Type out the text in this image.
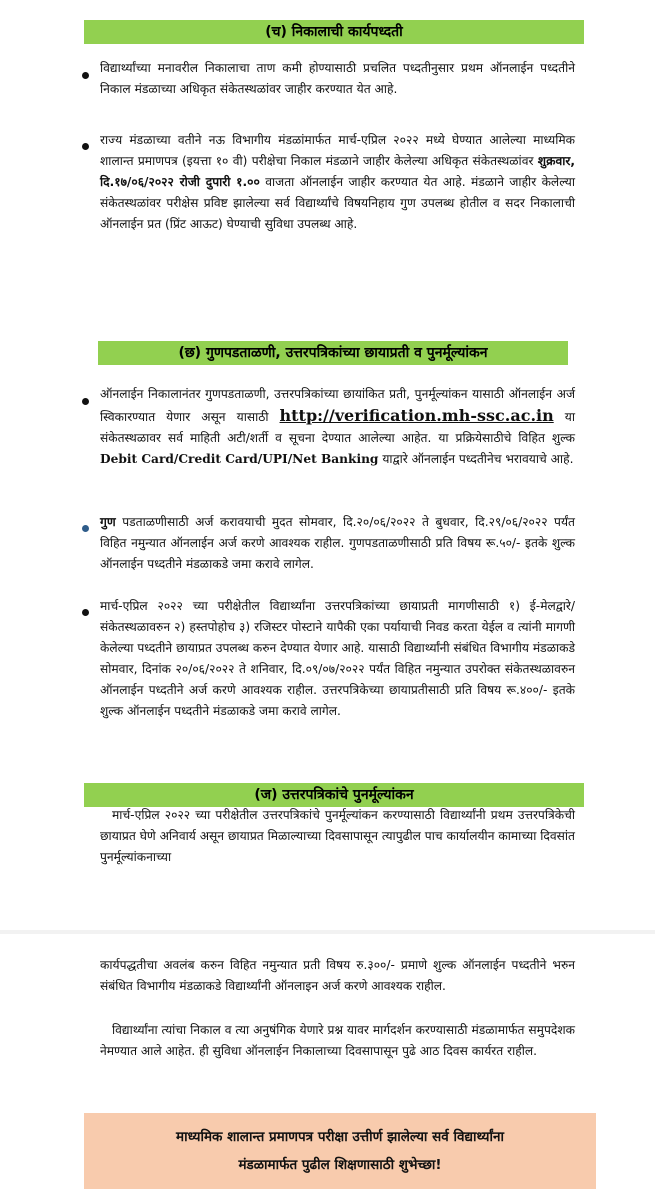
(च) निकालाची कार्यपध्दती
विद्यार्थ्यांच्या मनावरील निकालाचा ताण कमी होण्यासाठी प्रचलित पध्दतीनुसार प्रथम ऑनलाईन पध्दतीने निकाल मंडळाच्या अधिकृत संकेतस्थळांवर जाहीर करण्यात येत आहे.
राज्य मंडळाच्या वतीने नऊ विभागीय मंडळांमार्फत मार्च-एप्रिल २०२२ मध्ये घेण्यात आलेल्या माध्यमिक शालान्त प्रमाणपत्र (इयत्ता १० वी) परीक्षेचा निकाल मंडळाने जाहीर केलेल्या अधिकृत संकेतस्थळांवर शुक्रवार, दि.१७/०६/२०२२ रोजी दुपारी १.०० वाजता ऑनलाईन जाहीर करण्यात येत आहे. मंडळाने जाहीर केलेल्या संकेतस्थळांवर परीक्षेस प्रविष्ट झालेल्या सर्व विद्यार्थ्यांचे विषयनिहाय गुण उपलब्ध होतील व सदर निकालाची ऑनलाईन प्रत (प्रिंट आऊट) घेण्याची सुविधा उपलब्ध आहे.
(छ) गुणपडताळणी, उत्तरपत्रिकांच्या छायाप्रती व पुनर्मूल्यांकन
ऑनलाईन निकालानंतर गुणपडताळणी, उत्तरपत्रिकांच्या छायांकित प्रती, पुनर्मूल्यांकन यासाठी ऑनलाईन अर्ज स्विकारण्यात येणार असून यासाठी http://verification.mh-ssc.ac.in या संकेतस्थळावर सर्व माहिती अटी/शर्ती व सूचना देण्यात आलेल्या आहेत. या प्रक्रियेसाठीचे विहित शुल्क Debit Card/Credit Card/UPI/Net Banking याद्वारे ऑनलाईन पध्दतीनेच भरावयाचे आहे.
गुण पडताळणीसाठी अर्ज करावयाची मुदत सोमवार, दि.२०/०६/२०२२ ते बुधवार, दि.२९/०६/२०२२ पर्यंत विहित नमुन्यात ऑनलाईन अर्ज करणे आवश्यक राहील. गुणपडताळणीसाठी प्रति विषय रू.५०/- इतके शुल्क ऑनलाईन पध्दतीने मंडळाकडे जमा करावे लागेल.
मार्च-एप्रिल २०२२ च्या परीक्षेतील विद्यार्थ्यांना उत्तरपत्रिकांच्या छायाप्रती मागणीसाठी १) ई-मेलद्वारे/संकेतस्थळावरुन २) हस्तपोहोच ३) रजिस्टर पोस्टाने यापैकी एका पर्यायाची निवड करता येईल व त्यांनी मागणी केलेल्या पध्दतीने छायाप्रत उपलब्ध करुन देण्यात येणार आहे. यासाठी विद्यार्थ्यांनी संबंधित विभागीय मंडळाकडे सोमवार, दिनांक २०/०६/२०२२ ते शनिवार, दि.०९/०७/२०२२ पर्यंत विहित नमुन्यात उपरोक्त संकेतस्थळावरुन ऑनलाईन पध्दतीने अर्ज करणे आवश्यक राहील. उत्तरपत्रिकेच्या छायाप्रतीसाठी प्रति विषय रू.४००/- इतके शुल्क ऑनलाईन पध्दतीने मंडळाकडे जमा करावे लागेल.
(ज) उत्तरपत्रिकांचे पुनर्मूल्यांकन
मार्च-एप्रिल २०२२ च्या परीक्षेतील उत्तरपत्रिकांचे पुनर्मूल्यांकन करण्यासाठी विद्यार्थ्यांनी प्रथम उत्तरपत्रिकेची छायाप्रत घेणे अनिवार्य असून छायाप्रत मिळाल्याच्या दिवसापासून त्यापुढील पाच कार्यालयीन कामाच्या दिवसांत पुनर्मूल्यांकनाच्या
कार्यपद्धतीचा अवलंब करुन विहित नमुन्यात प्रती विषय रु.३००/- प्रमाणे शुल्क ऑनलाईन पध्दतीने भरुन संबंधित विभागीय मंडळाकडे विद्यार्थ्यांनी ऑनलाइन अर्ज करणे आवश्यक राहील.
विद्यार्थ्यांना त्यांचा निकाल व त्या अनुषंगिक येणारे प्रश्न यावर मार्गदर्शन करण्यासाठी मंडळामार्फत समुपदेशक नेमण्यात आले आहेत. ही सुविधा ऑनलाईन निकालाच्या दिवसापासून पुढे आठ दिवस कार्यरत राहील.
माध्यमिक शालान्त प्रमाणपत्र परीक्षा उत्तीर्ण झालेल्या सर्व विद्यार्थ्यांना
मंडळामार्फत पुढील शिक्षणासाठी शुभेच्छा!
